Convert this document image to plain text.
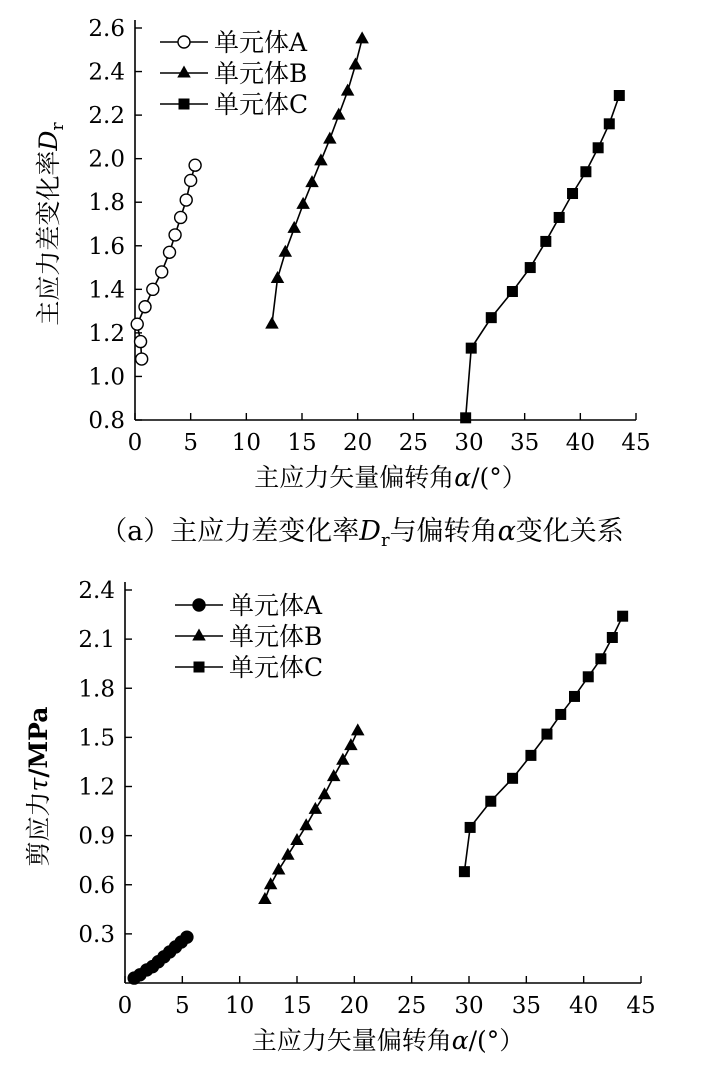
0 5 10 15 20 25 30 35 40 45
0.8
1.0
1.2
1.4
1.6
1.8
2.0
2.2
2.4
2.6
主应力矢量偏转角α/(°）
主应力差变化率$D_r$
单元体A
单元体B
单元体C
0 5 10 15 20 25 30 35 40 45
0.3
0.6
0.9
1.2
1.5
1.8
2.1
2.4
主应力矢量偏转角α/(°）
剪应力τ/MPa
单元体A
单元体B
单元体C
（a）主应力差变化率$D_r$与偏转角α变化关系
